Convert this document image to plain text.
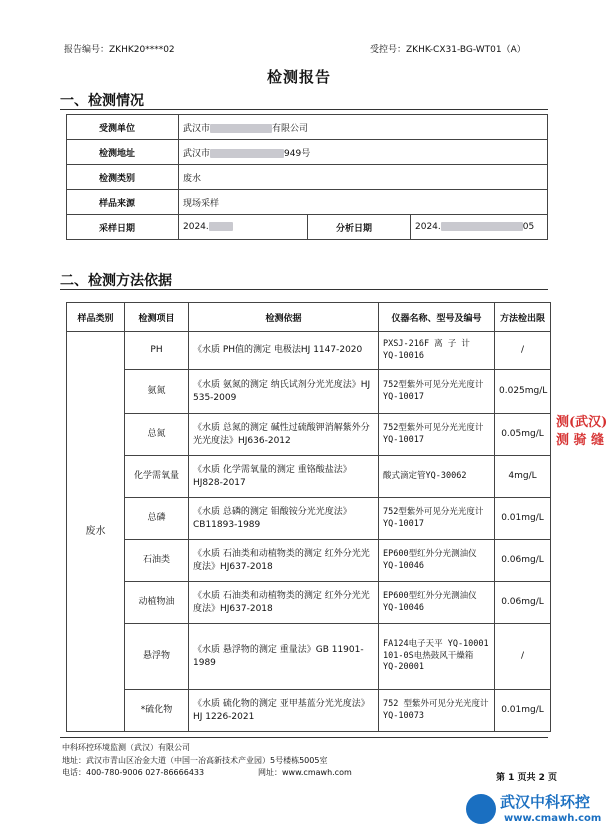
报告编号：ZKHK20****02	受控号：ZKHK-CX31-BG-WT01（A）
检测报告
一、检测情况
受测单位	武汉市 有限公司		
检测地址	武汉市 949号		
检测类别	废水		
样品来源	现场采样		
采样日期	2024.	分析日期	2024. 05
二、检测方法依据
样品类别	检测项目	检测依据	仪器名称、型号及编号	方法检出限
废水	PH	《水质 PH值的测定 电极法HJ 1147-2020	PXSJ-216F 离 子 计 YQ-10016	/
	氨氮	《水质 氨氮的测定 纳氏试剂分光光度法》HJ 535-2009	752型紫外可见分光光度计 YQ-10017	0.025mg/L
	总氮	《水质 总氮的测定 碱性过硫酸钾消解紫外分光光度法》HJ636-2012	752型紫外可见分光光度计 YQ-10017	0.05mg/L
	化学需氧量	《水质 化学需氧量的测定 重铬酸盐法》HJ828-2017	酸式滴定管YQ-30062	4mg/L
	总磷	《水质 总磷的测定 钼酸铵分光光度法》CB11893-1989	752型紫外可见分光光度计 YQ-10017	0.01mg/L
	石油类	《水质 石油类和动植物类的测定 红外分光光度法》HJ637-2018	EP600型红外分光测油仪YQ-10046	0.06mg/L
	动植物油	《水质 石油类和动植物类的测定 红外分光光度法》HJ637-2018	EP600型红外分光测油仪YQ-10046	0.06mg/L
	悬浮物	《水质 悬浮物的测定 重量法》GB 11901-1989	FA124电子天平 YQ-10001 101-0S电热鼓风干燥箱 YQ-20001	/
	*硫化物	《水质 硫化物的测定 亚甲基蓝分光光度法》HJ 1226-2021	752 型紫外可见分光光度计 YQ-10073	0.01mg/L
测(武汉)
测 骑 缝
中科环控环境监测（武汉）有限公司
地址：武汉市青山区冶金大道（中国一冶高新技术产业园）5号楼栋5005室
电话：400-780-9006 027-86666433	网址：www.cmawh.com
第 1 页共 2 页
武汉中科环控
www.cmawh.com
